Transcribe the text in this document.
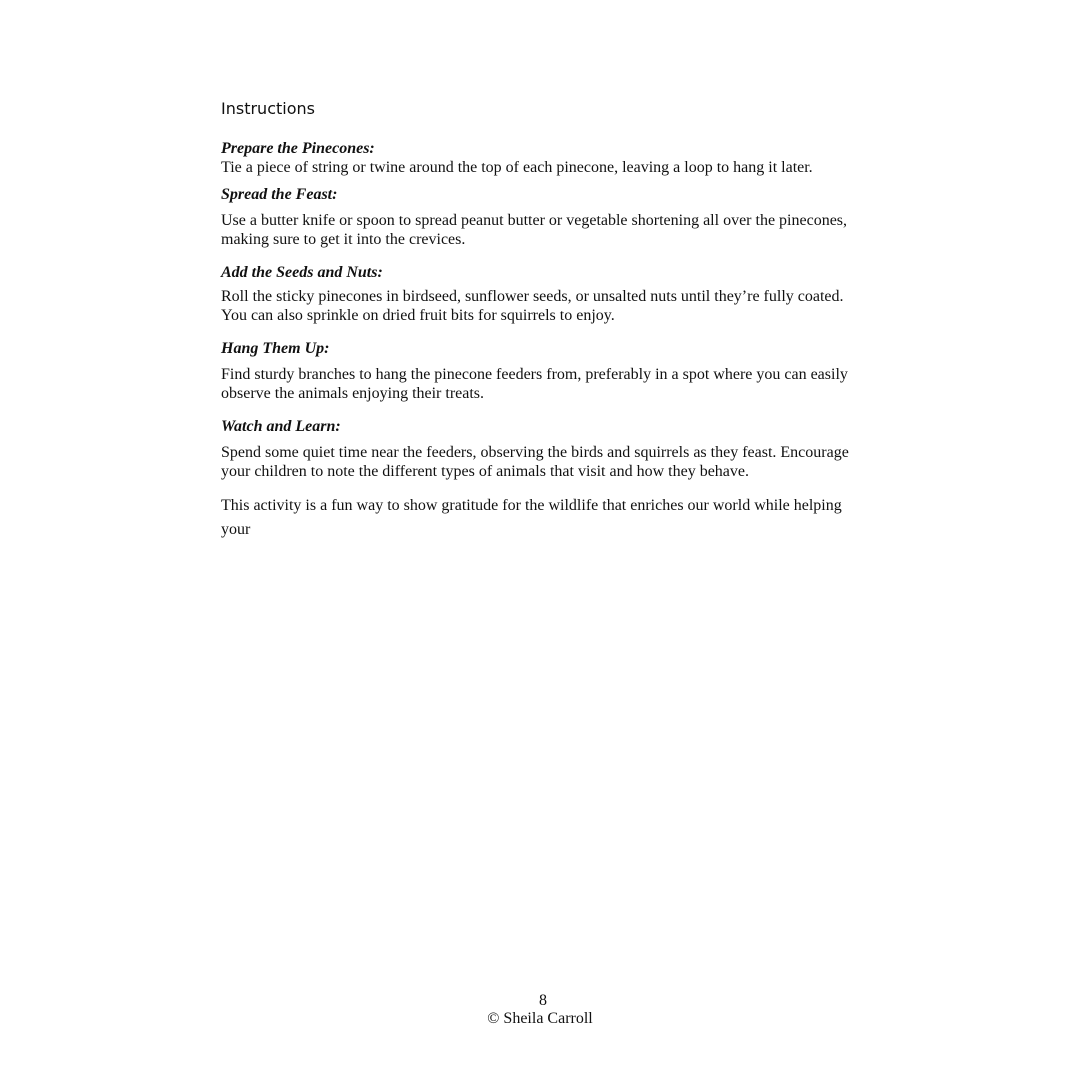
Instructions

Prepare the Pinecones:

Tie a piece of string or twine around the top of each pinecone, leaving a loop to hang it later.

Spread the Feast:

Use a butter knife or spoon to spread peanut butter or vegetable shortening all over the pinecones, making sure to get it into the crevices.

Add the Seeds and Nuts:

Roll the sticky pinecones in birdseed, sunflower seeds, or unsalted nuts until they’re fully coated. You can also sprinkle on dried fruit bits for squirrels to enjoy.

Hang Them Up:

Find sturdy branches to hang the pinecone feeders from, preferably in a spot where you can easily observe the animals enjoying their treats.

Watch and Learn:

Spend some quiet time near the feeders, observing the birds and squirrels as they feast. Encourage your children to note the different types of animals that visit and how they behave.

This activity is a fun way to show gratitude for the wildlife that enriches our world while helping your

8
© Sheila Carroll
